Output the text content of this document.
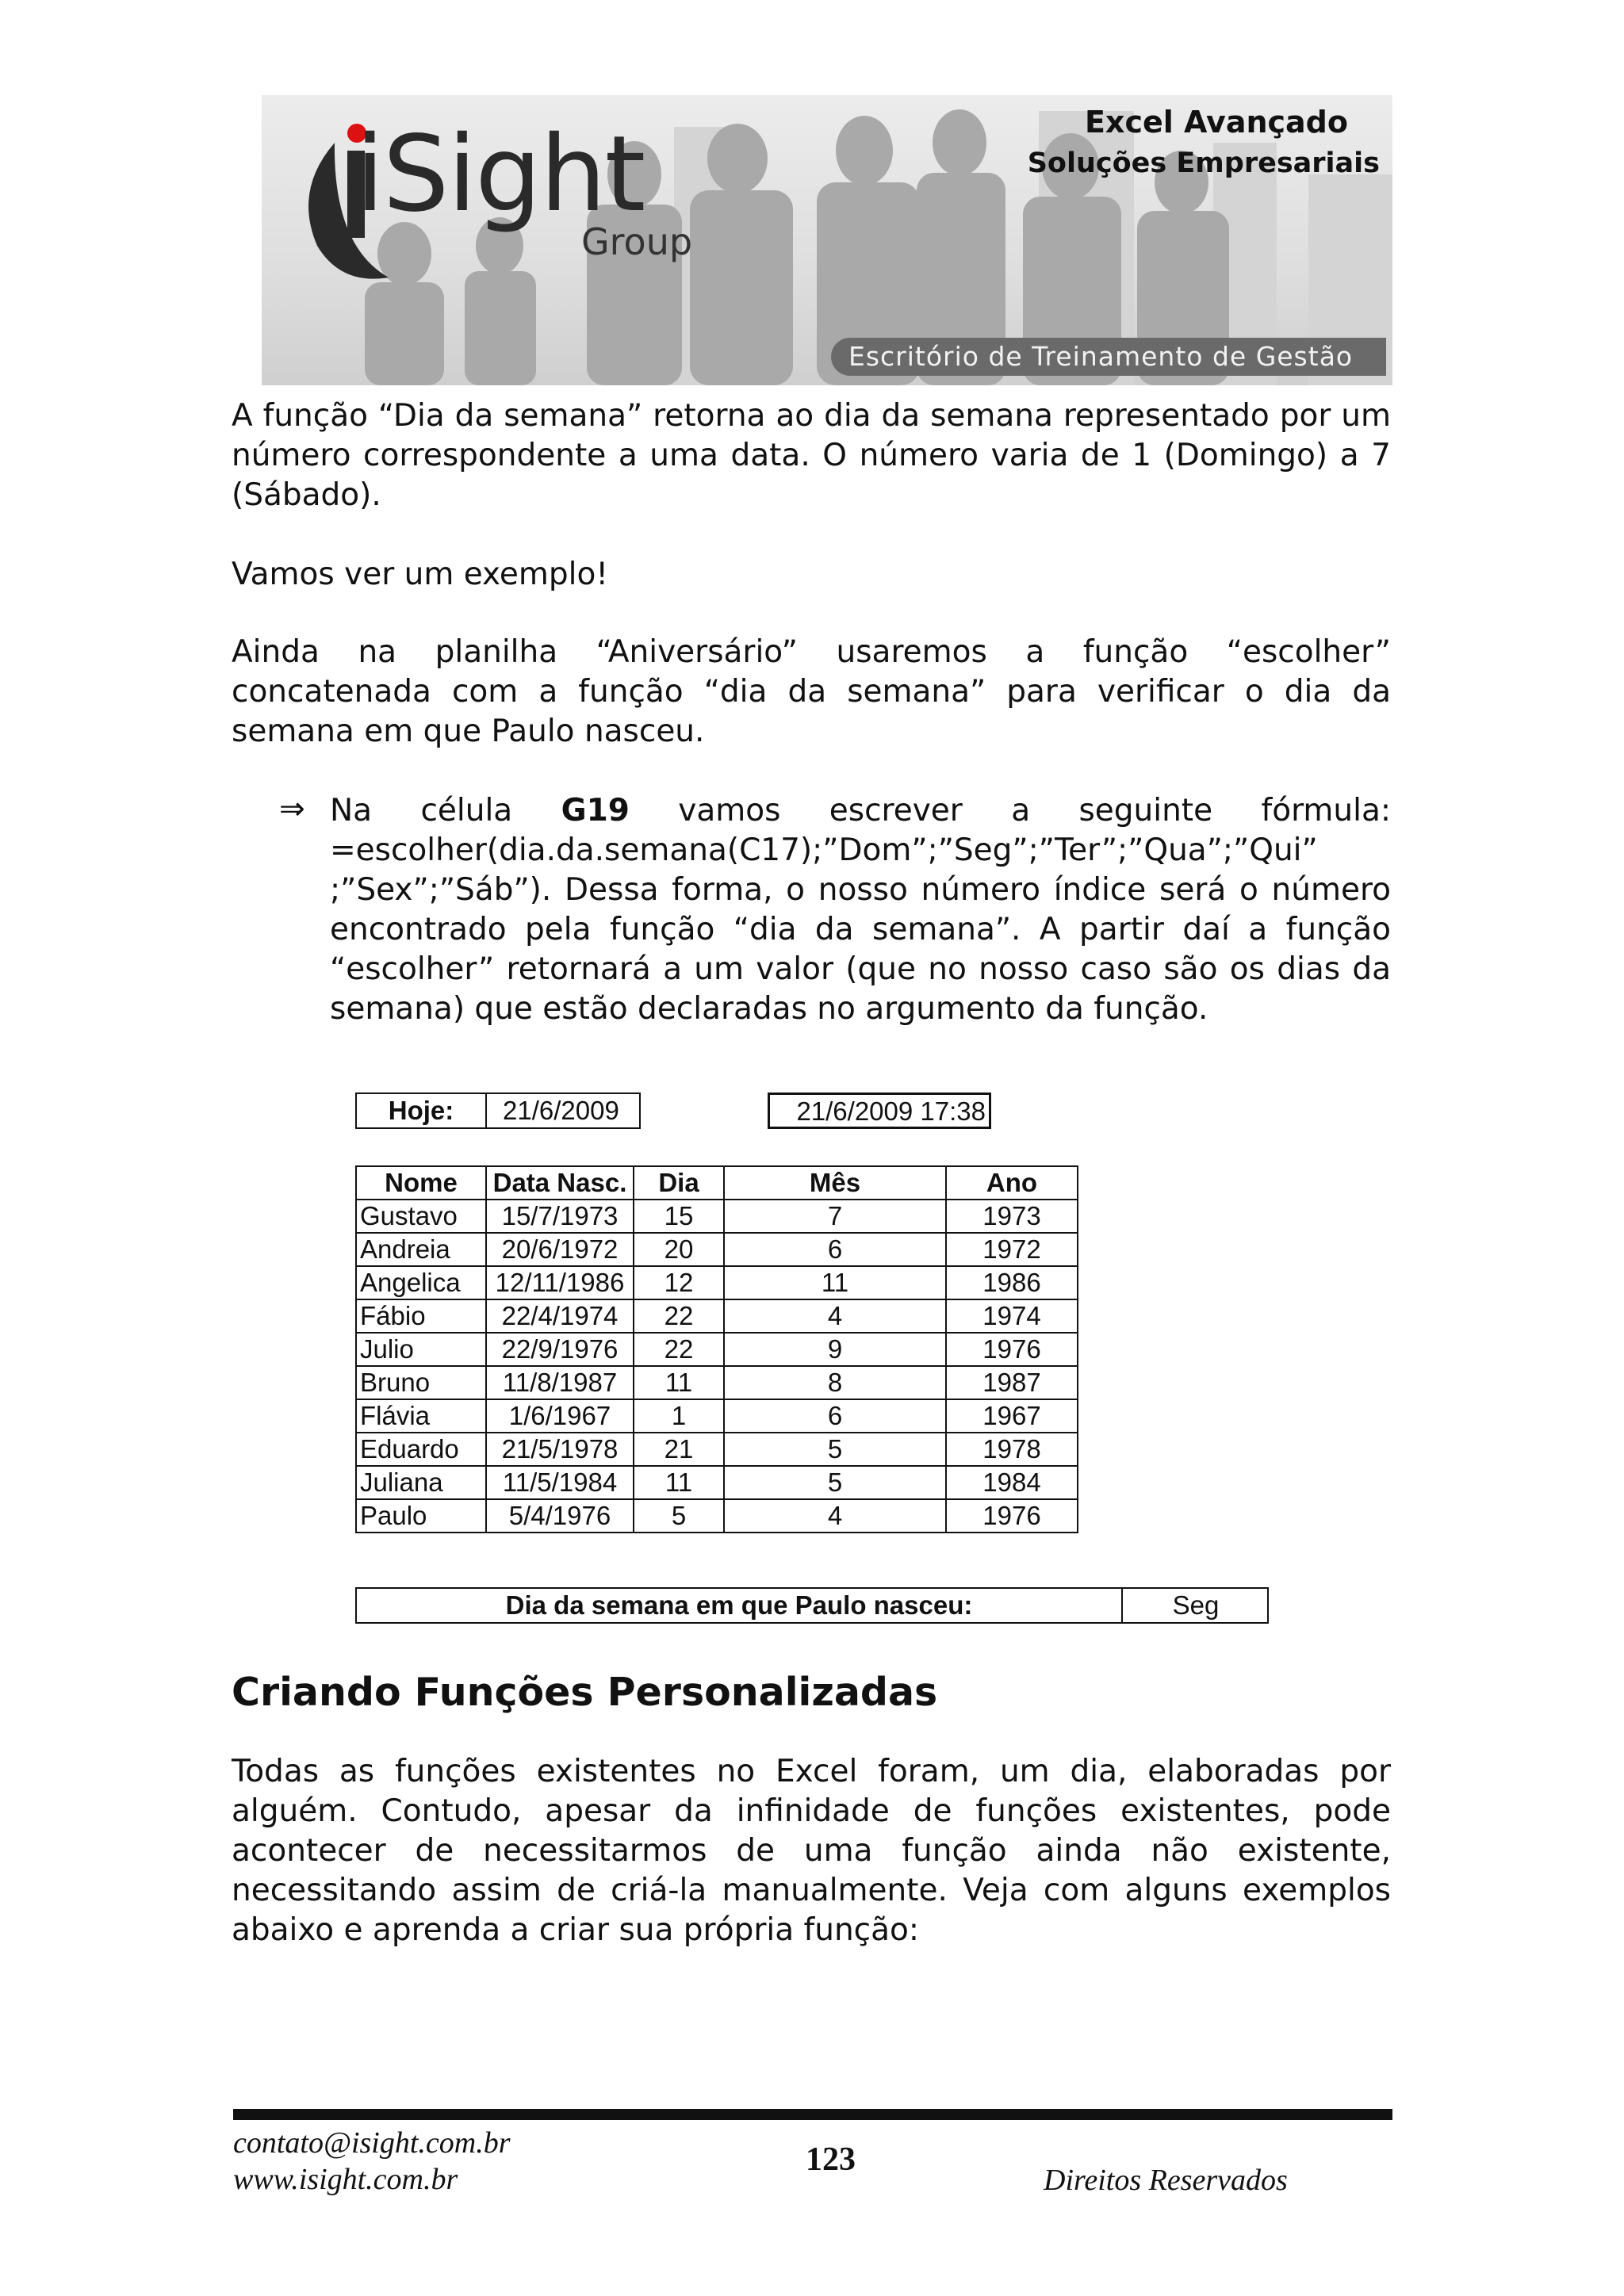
iSight
Group
Excel Avançado
Soluções Empresariais
Escritório de Treinamento de Gestão

A função “Dia da semana” retorna ao dia da semana representado por um número correspondente a uma data. O número varia de 1 (Domingo) a 7 (Sábado).

Vamos ver um exemplo!

Ainda na planilha “Aniversário” usaremos a função “escolher” concatenada com a função “dia da semana” para verificar o dia da semana em que Paulo nasceu.

⇒ Na célula G19 vamos escrever a seguinte fórmula: =escolher(dia.da.semana(C17);”Dom”;”Seg”;”Ter”;”Qua”;”Qui” ;”Sex”;”Sáb”). Dessa forma, o nosso número índice será o número encontrado pela função “dia da semana”. A partir daí a função “escolher” retornará a um valor (que no nosso caso são os dias da semana) que estão declaradas no argumento da função.

Hoje:	21/6/2009	21/6/2009 17:38
Nome	Data Nasc.	Dia	Mês	Ano
Gustavo	15/7/1973	15	7	1973
Andreia	20/6/1972	20	6	1972
Angelica	12/11/1986	12	11	1986
Fábio	22/4/1974	22	4	1974
Julio	22/9/1976	22	9	1976
Bruno	11/8/1987	11	8	1987
Flávia	1/6/1967	1	6	1967
Eduardo	21/5/1978	21	5	1978
Juliana	11/5/1984	11	5	1984
Paulo	5/4/1976	5	4	1976
Dia da semana em que Paulo nasceu:	Seg
Criando Funções Personalizadas

Todas as funções existentes no Excel foram, um dia, elaboradas por alguém. Contudo, apesar da infinidade de funções existentes, pode acontecer de necessitarmos de uma função ainda não existente, necessitando assim de criá-la manualmente. Veja com alguns exemplos abaixo e aprenda a criar sua própria função:

contato@isight.com.br
www.isight.com.br
123
Direitos Reservados
